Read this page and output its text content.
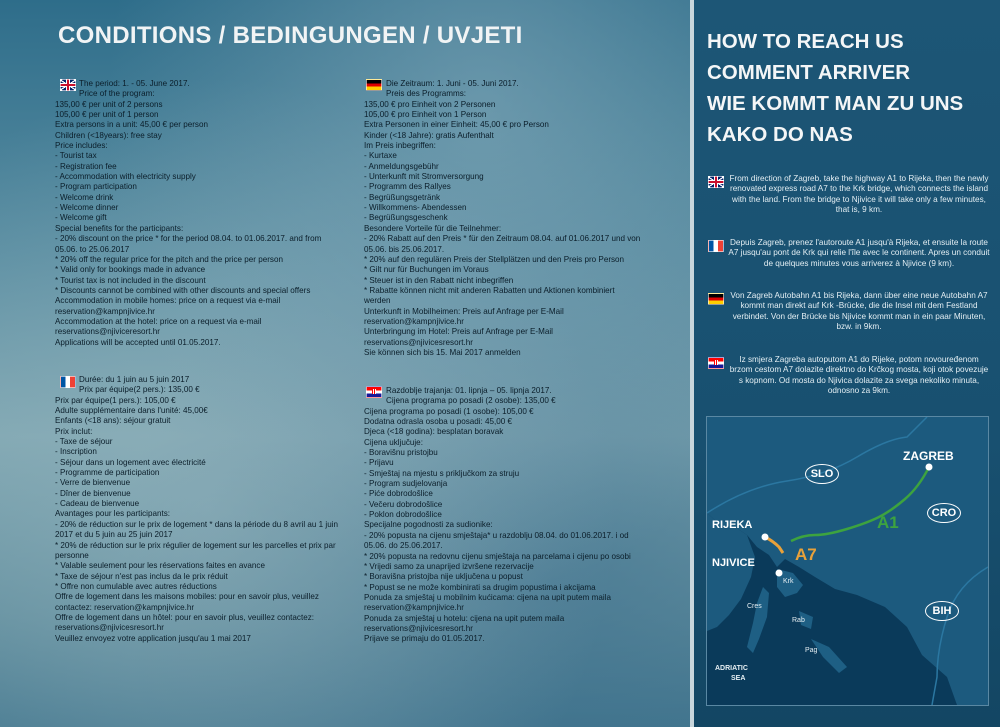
CONDITIONS / BEDINGUNGEN / UVJETI
The period: 1. - 05. June 2017.
Price of the program:
135,00 € per unit of 2 persons
105,00 € per unit of 1 person
Extra persons in a unit: 45,00 € per person
Children (<18years): free stay
Price includes:
- Tourist tax
- Registration fee
- Accommodation with electricity supply
- Program participation
- Welcome drink
- Welcome dinner
- Welcome gift
Special benefits for the participants:
- 20% discount on the price * for the period 08.04. to 01.06.2017. and from
05.06. to 25.06.2017
* 20% off the regular price for the pitch and the price per person
* Valid only for bookings made in advance
* Tourist tax is not included in the discount
* Discounts cannot be combined with other discounts and special offers
Accommodation in mobile homes: price on a request via e-mail
reservation@kampnjivice.hr
Accommodation at the hotel: price on a request via e-mail
reservations@njiviceresort.hr
Applications will be accepted until 01.05.2017.
Durée: du 1 juin au 5 juin 2017
Prix par équipe(2 pers.): 135,00 €
Prix par équipe(1 pers.): 105,00 €
Adulte supplémentaire dans l'unité: 45,00€
Enfants (<18 ans): séjour gratuit
Prix inclut:
- Taxe de séjour
- Inscription
- Séjour dans un logement avec électricité
- Programme de participation
- Verre de bienvenue
- Dîner de bienvenue
- Cadeau de bienvenue
Avantages pour les participants:
- 20% de réduction sur le prix de logement * dans la période du 8 avril au 1 juin
2017 et du 5 juin au 25 juin 2017
* 20% de réduction sur le prix régulier de logement sur les parcelles et prix par
personne
* Valable seulement pour les réservations faites en avance
* Taxe de séjour n'est pas inclus da le prix réduit
* Offre non cumulable avec autres réductions
Offre de logement dans les maisons mobiles: pour en savoir plus, veuillez
contactez: reservation@kampnjivice.hr
Offre de logement dans un hôtel: pour en savoir plus, veuillez contactez:
reservations@njivicesresort.hr
Veuillez envoyez votre application jusqu'au 1 mai 2017
Die Zeitraum: 1. Juni - 05. Juni 2017.
Preis des Programms:
135,00 € pro Einheit von 2 Personen
105,00 € pro Einheit von 1 Person
Extra Personen in einer Einheit: 45,00 € pro Person
Kinder (<18 Jahre): gratis Aufenthalt
Im Preis inbegriffen:
- Kurtaxe
- Anmeldungsgebühr
- Unterkunft mit Stromversorgung
- Programm des Rallyes
- Begrüßungsgetränk
- Willkommens- Abendessen
- Begrüßungsgeschenk
Besondere Vorteile für die Teilnehmer:
- 20% Rabatt auf den Preis * für den Zeitraum 08.04. auf 01.06.2017 und von
05.06. bis 25.06.2017.
* 20% auf den regulären Preis der Stellplätzen und den Preis pro Person
* Gilt nur für Buchungen im Voraus
* Steuer ist in den Rabatt nicht inbegriffen
* Rabatte können nicht mit anderen Rabatten und Aktionen kombiniert
werden
Unterkunft in Mobilheimen: Preis auf Anfrage per E-Mail
reservation@kampnjivice.hr
Unterbringung im Hotel: Preis auf Anfrage per E-Mail
reservations@njivicesresort.hr
Sie können sich bis 15. Mai 2017 anmelden
Razdoblje trajanja: 01. lipnja – 05. lipnja 2017.
Cijena programa po posadi (2 osobe): 135,00 €
Cijena programa po posadi (1 osobe): 105,00 €
Dodatna odrasla osoba u posadi: 45,00 €
Djeca (<18 godina): besplatan boravak
Cijena uključuje:
- Boravišnu pristojbu
- Prijavu
- Smještaj na mjestu s priključkom za struju
- Program sudjelovanja
- Piće dobrodošlice
- Večeru dobrodošlice
- Poklon dobrodošlice
Specijalne pogodnosti za sudionike:
- 20% popusta na cijenu smještaja* u razdoblju 08.04. do 01.06.2017. i od
05.06. do 25.06.2017.
* 20% popusta na redovnu cijenu smještaja na parcelama i cijenu po osobi
* Vrijedi samo za unaprijed izvršene rezervacije
* Boravišna pristojba nije uključena u popust
* Popust se ne može kombinirati sa drugim popustima i akcijama
Ponuda za smještaj u mobilnim kućicama: cijena na upit putem maila
reservation@kampnjivice.hr
Ponuda za smještaj u hotelu: cijena na upit putem maila
reservations@njivicesresort.hr
Prijave se primaju do 01.05.2017.
HOW TO REACH US
COMMENT ARRIVER
WIE KOMMT MAN ZU UNS
KAKO DO NAS
From direction of Zagreb, take the highway A1 to Rijeka, then the newly renovated express road A7 to the Krk bridge, which connects the island with the land. From the bridge to Njivice it will take only a few minutes, that is, 9 km.
Depuis Zagreb, prenez l'autoroute A1 jusqu'à Rijeka, et ensuite la route A7 jusqu'au pont de Krk qui relie l'île avec le continent. Apres un conduit de quelques minutes vous arriverez à Njivice (9 km).
Von Zagreb Autobahn A1 bis Rijeka, dann über eine neue Autobahn A7 kommt man direkt auf Krk -Brücke, die die Insel mit dem Festland verbindet. Von der Brücke bis Njivice kommt man in ein paar Minuten, bzw. in 9km.
Iz smjera Zagreba autoputom A1 do Rijeke, potom novouređenom brzom cestom A7 dolazite direktno do Krčkog mosta, koji otok povezuje s kopnom. Od mosta do Njivica dolazite za svega nekoliko minuta, odnosno za 9km.
ZAGREB
RIJEKA
NJIVICE
A1
A7
SLO
CRO
BIH
Krk
Cres
Rab
Pag
ADRIATIC
SEA
